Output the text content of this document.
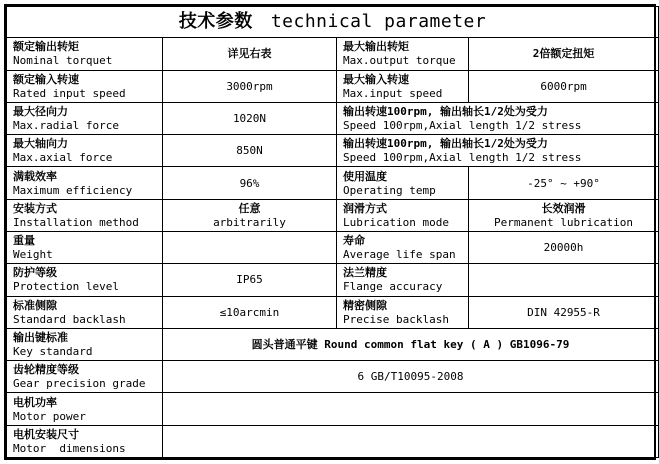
技术参数 technical parameter			

额定输出转矩
Nominal torquet	详见右表	最大输出转矩
Max.output torque	2倍额定扭矩

额定输入转速
Rated input speed	3000rpm	最大输入转速
Max.input speed	6000rpm

最大径向力
Max.radial force	1020N	输出转速100rpm, 输出轴长1/2处为受力
Speed 100rpm,Axial length 1/2 stress	

最大轴向力
Max.axial force	850N	输出转速100rpm, 输出轴长1/2处为受力
Speed 100rpm,Axial length 1/2 stress	

满载效率
Maximum efficiency	96%	使用温度
Operating temp	-25° ~ +90°

安装方式
Installation method	任意
arbitrarily	润滑方式
Lubrication mode	长效润滑
Permanent lubrication

重量
Weight		寿命
Average life span	20000h

防护等级
Protection level	IP65	法兰精度
Flange accuracy	

标准侧隙
Standard backlash	≤10arcmin	精密侧隙
Precise backlash	DIN 42955-R

输出键标准
Key standard	圆头普通平键 Round common flat key ( A ) GB1096-79		

齿轮精度等级
Gear precision grade	6 GB/T10095-2008		

电机功率
Motor power			

电机安装尺寸
Motor  dimensions			
